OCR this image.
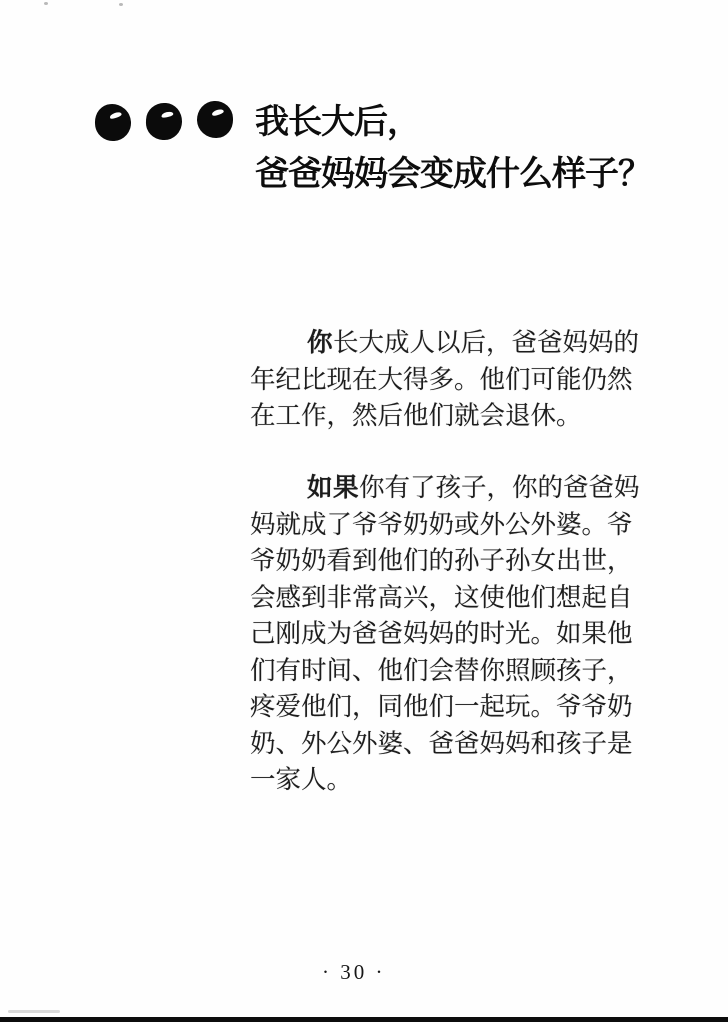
我长大后，
爸爸妈妈会变成什么样子？
你长大成人以后，爸爸妈妈的
年纪比现在大得多。他们可能仍然
在工作，然后他们就会退休。
如果你有了孩子，你的爸爸妈
妈就成了爷爷奶奶或外公外婆。爷
爷奶奶看到他们的孙子孙女出世，
会感到非常高兴，这使他们想起自
己刚成为爸爸妈妈的时光。如果他
们有时间、他们会替你照顾孩子，
疼爱他们，同他们一起玩。爷爷奶
奶、外公外婆、爸爸妈妈和孩子是
一家人。
· 30 ·
